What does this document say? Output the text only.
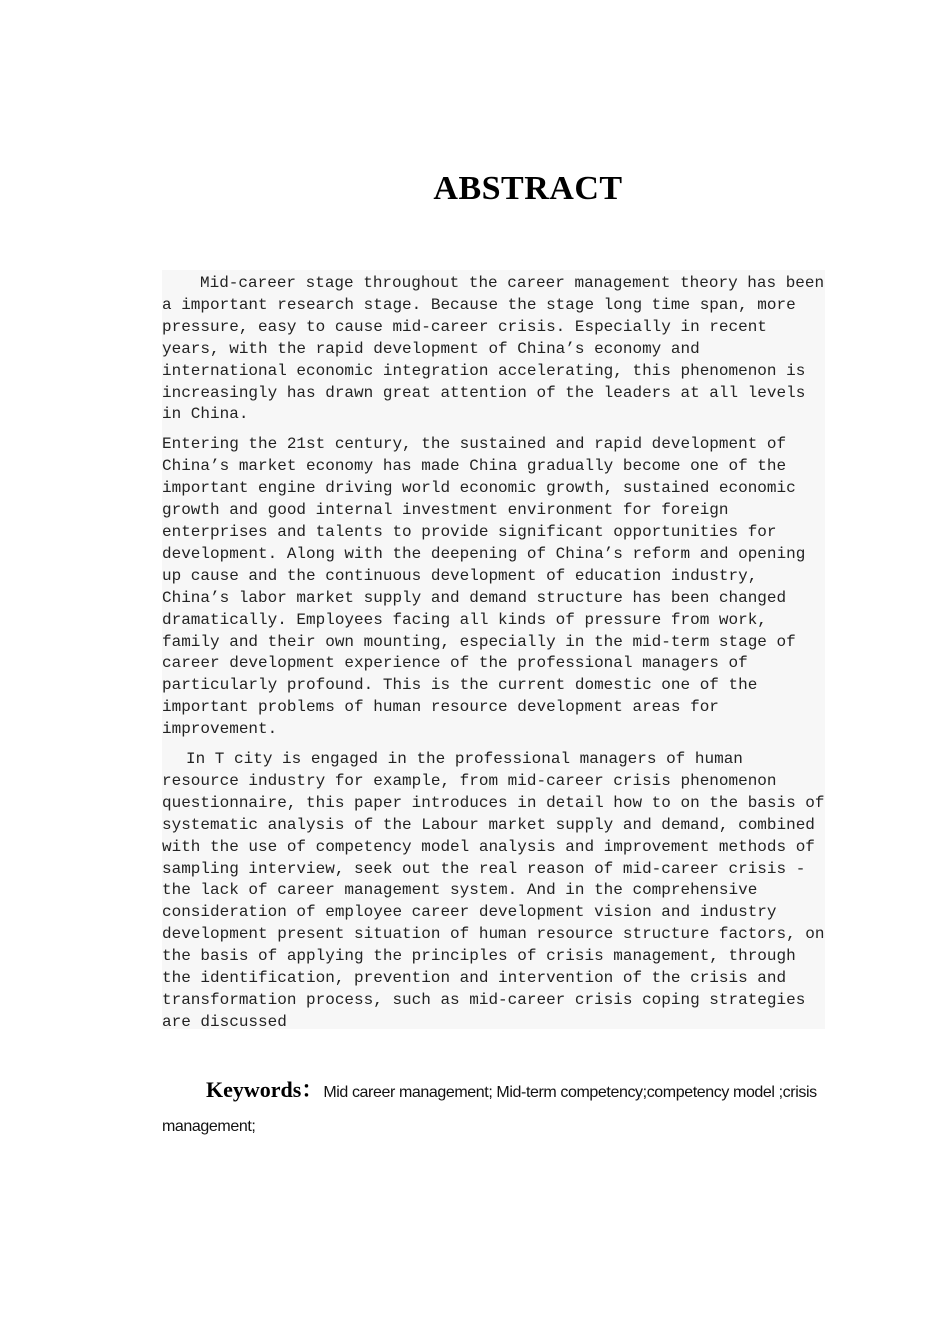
ABSTRACT

Mid-career stage throughout the career management theory has been a important research stage. Because the stage long time span, more pressure, easy to cause mid-career crisis. Especially in recent years, with the rapid development of China’s economy and international economic integration accelerating, this phenomenon is increasingly has drawn great attention of the leaders at all levels in China.

Entering the 21st century, the sustained and rapid development of China’s market economy has made China gradually become one of the important engine driving world economic growth, sustained economic growth and good internal investment environment for foreign enterprises and talents to provide significant opportunities for development. Along with the deepening of China’s reform and opening up cause and the continuous development of education industry, China’s labor market supply and demand structure has been changed dramatically. Employees facing all kinds of pressure from work, family and their own mounting, especially in the mid-term stage of career development experience of the professional managers of particularly profound. This is the current domestic one of the important problems of human resource development areas for improvement.

In T city is engaged in the professional managers of human resource industry for example, from mid-career crisis phenomenon questionnaire, this paper introduces in detail how to on the basis of systematic analysis of the Labour market supply and demand, combined with the use of competency model analysis and improvement methods of sampling interview, seek out the real reason of mid-career crisis - the lack of career management system. And in the comprehensive consideration of employee career development vision and industry development present situation of human resource structure factors, on the basis of applying the principles of crisis management, through the identification, prevention and intervention of the crisis and transformation process, such as mid-career crisis coping strategies are discussed

Keywords：Mid career management; Mid-term competency;competency model ;crisis management;
